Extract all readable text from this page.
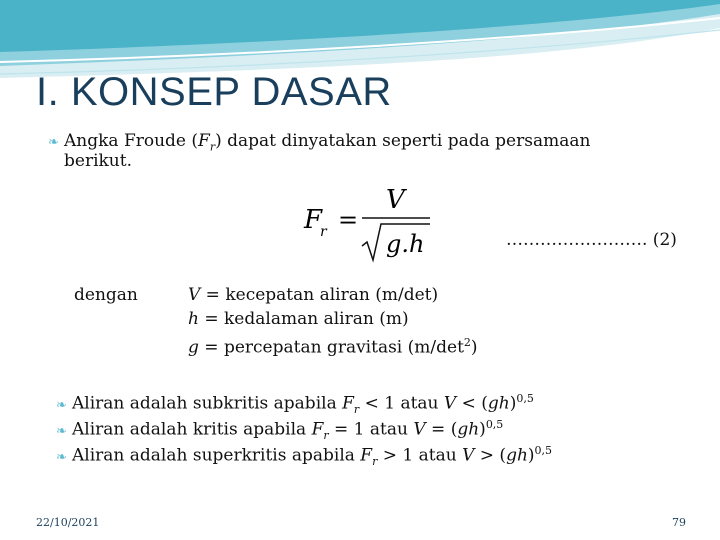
I. KONSEP DASAR
❧ Angka Froude $(F_r)$ dapat dinyatakan seperti pada persamaan
berikut.
F
r =
V
g.h	……………………. (2)
dengan	V = kecepatan aliran (m/det)
h = kedalaman aliran (m)
g = percepatan gravitasi $(m/\det^2)$
❧ Aliran adalah subkritis apabila $F_r < 1$ atau V < (gh)$^{0,5}$
❧ Aliran adalah kritis apabila $F_r = 1$ atau V = (gh)$^{0,5}$
❧ Aliran adalah superkritis apabila $F_r > 1$ atau V > (gh)$^{0,5}$
22/10/2021	79
